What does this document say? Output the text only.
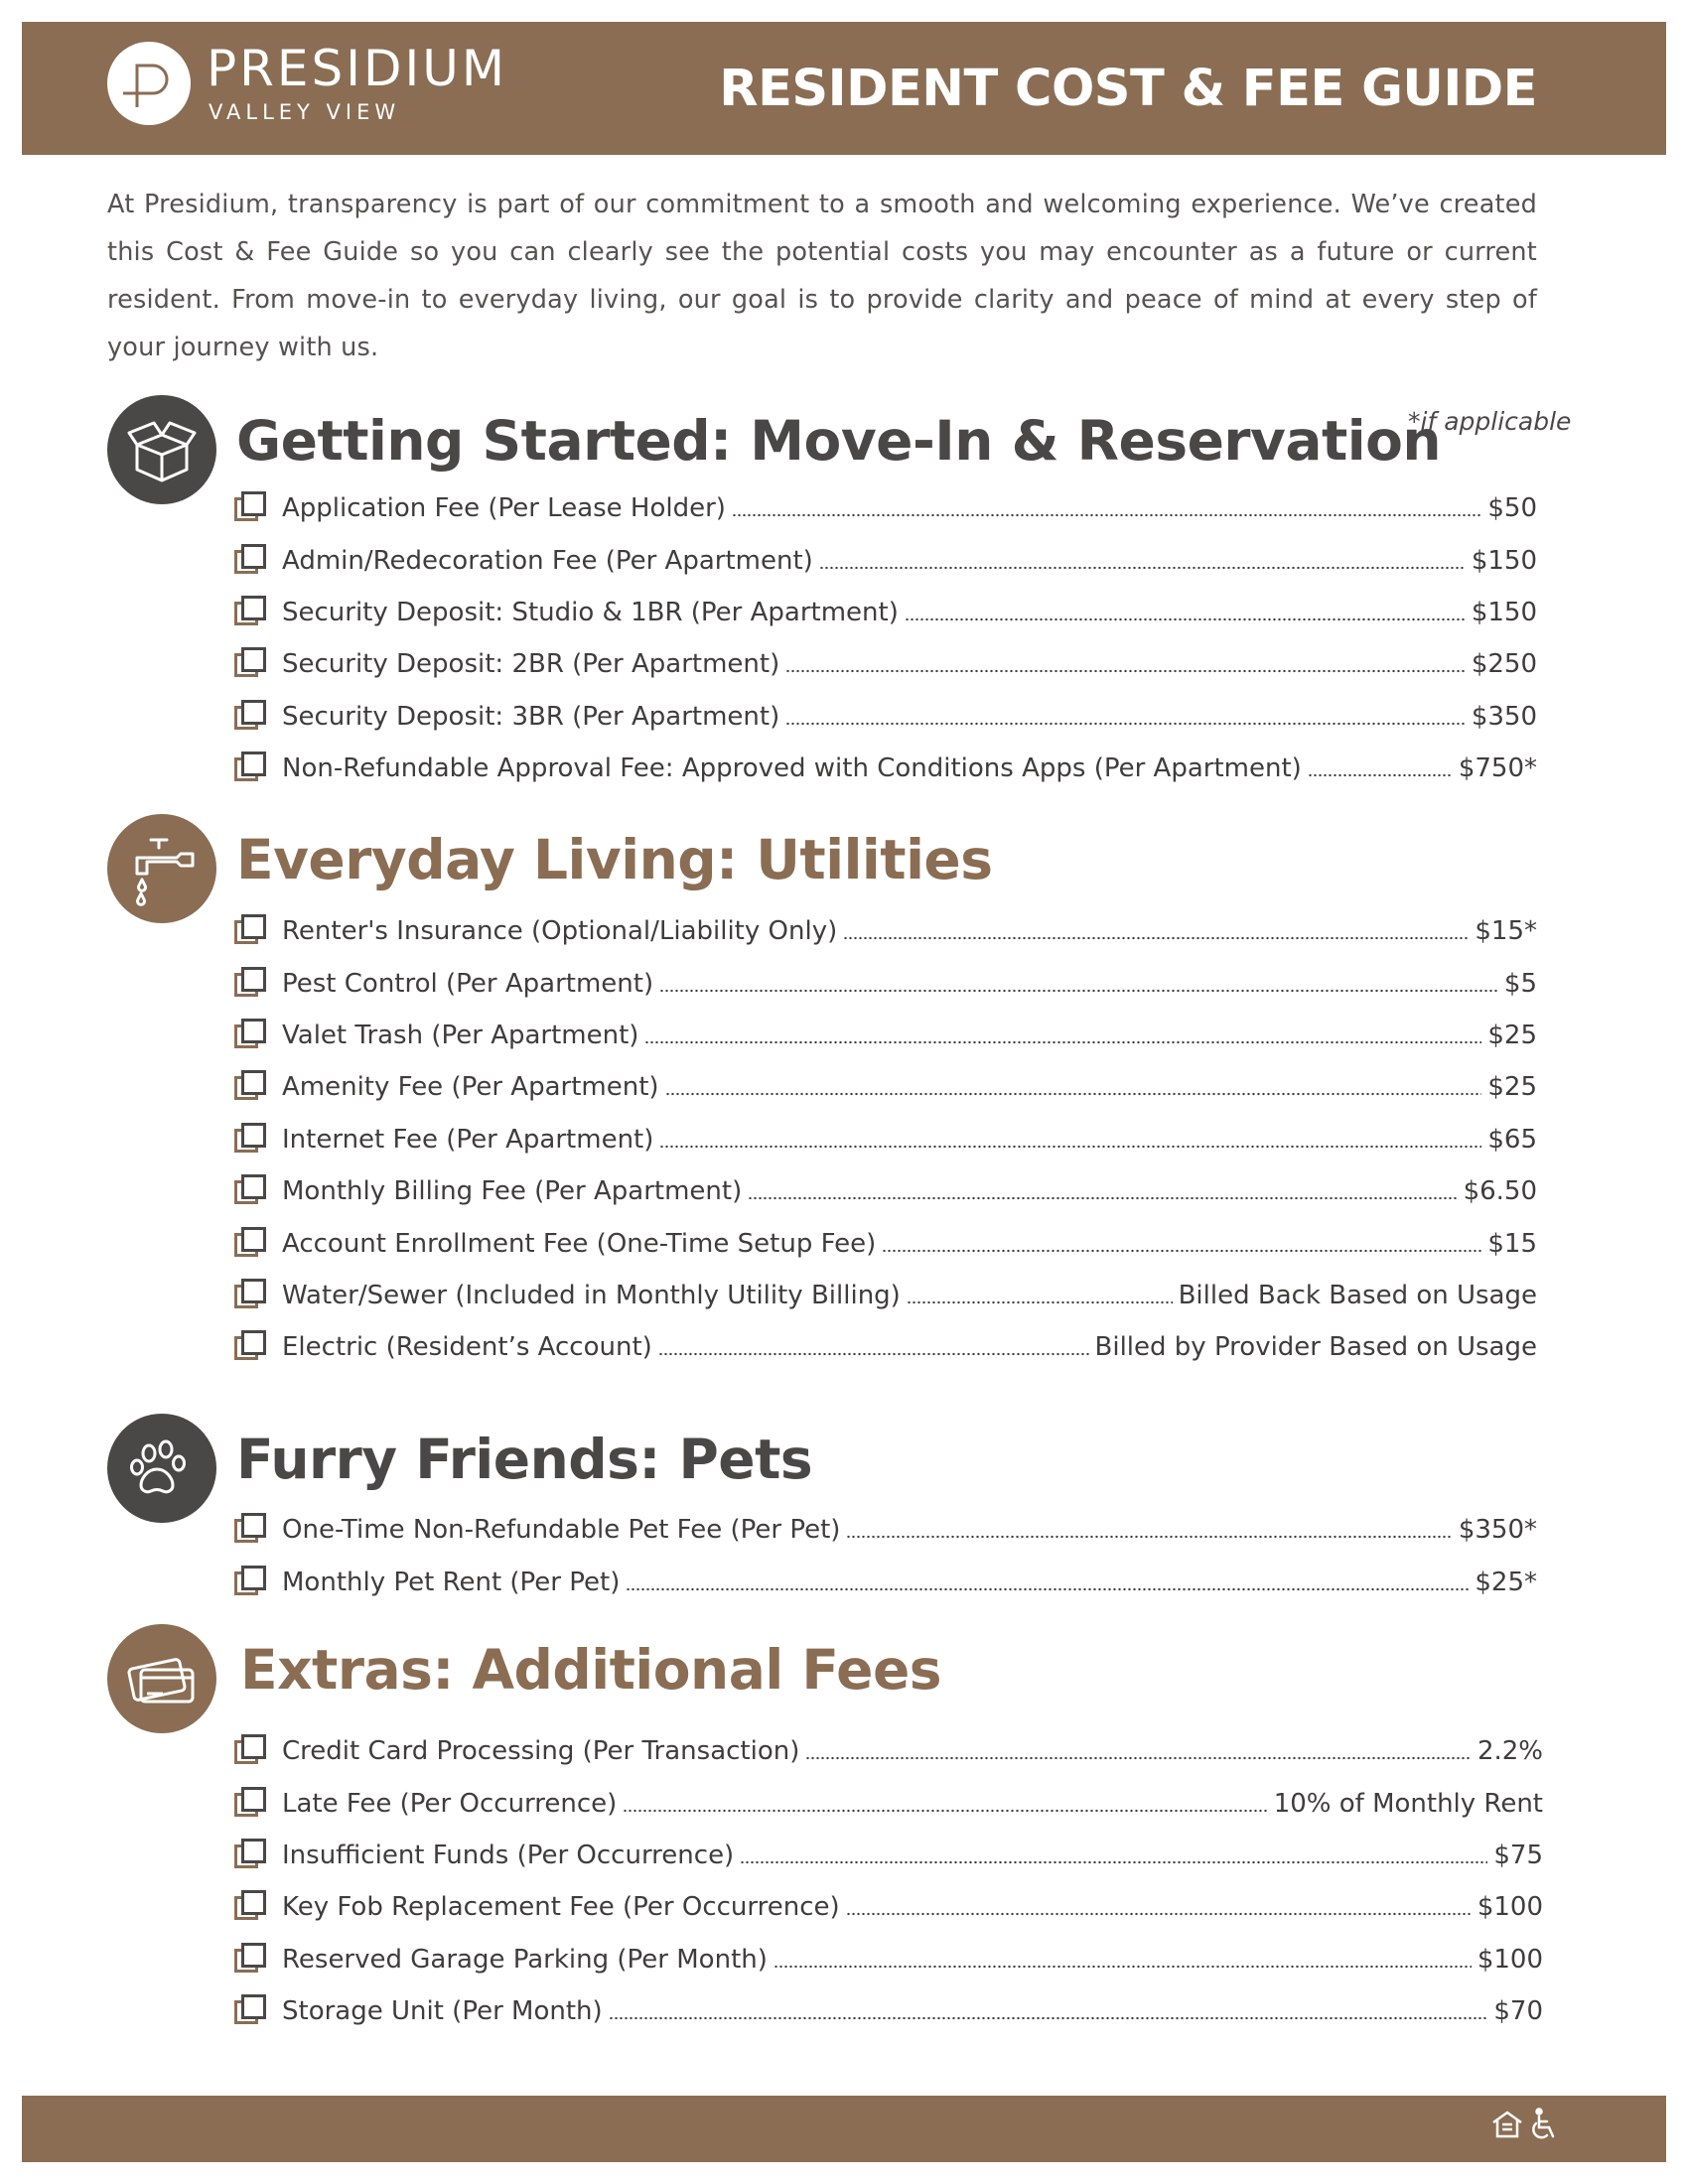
PRESIDIUM
VALLEY VIEW	RESIDENT COST & FEE GUIDE

At Presidium, transparency is part of our commitment to a smooth and welcoming experience. We’ve created this Cost & Fee Guide so you can clearly see the potential costs you may encounter as a future or current resident. From move-in to everyday living, our goal is to provide clarity and peace of mind at every step of your journey with us.

Getting Started: Move-In & Reservation
*if applicable
Application Fee (Per Lease Holder)	$50
Admin/Redecoration Fee (Per Apartment)	$150
Security Deposit: Studio & 1BR (Per Apartment)	$150
Security Deposit: 2BR (Per Apartment)	$250
Security Deposit: 3BR (Per Apartment)	$350
Non-Refundable Approval Fee: Approved with Conditions Apps (Per Apartment)	$750*
Everyday Living: Utilities
Renter's Insurance (Optional/Liability Only)	$15*
Pest Control (Per Apartment)	$5
Valet Trash (Per Apartment)	$25
Amenity Fee (Per Apartment)	$25
Internet Fee (Per Apartment)	$65
Monthly Billing Fee (Per Apartment)	$6.50
Account Enrollment Fee (One-Time Setup Fee)	$15
Water/Sewer (Included in Monthly Utility Billing)	Billed Back Based on Usage
Electric (Resident’s Account)	Billed by Provider Based on Usage
Furry Friends: Pets
One-Time Non-Refundable Pet Fee (Per Pet)	$350*
Monthly Pet Rent (Per Pet)	$25*
Extras: Additional Fees
Credit Card Processing (Per Transaction)	2.2%
Late Fee (Per Occurrence)	10% of Monthly Rent
Insufficient Funds (Per Occurrence)	$75
Key Fob Replacement Fee (Per Occurrence)	$100
Reserved Garage Parking (Per Month)	$100
Storage Unit (Per Month)	$70
